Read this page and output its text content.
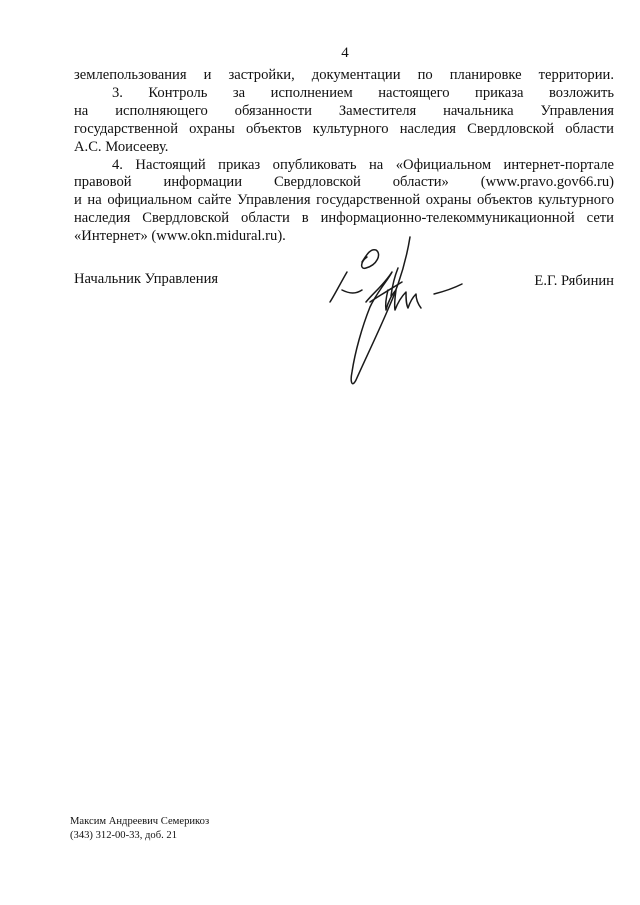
4
землепользования и застройки, документации по планировке территории.
3. Контроль за исполнением настоящего приказа возложить
на исполняющего обязанности Заместителя начальника Управления
государственной охраны объектов культурного наследия Свердловской области
А.С. Моисееву.
4. Настоящий приказ опубликовать на «Официальном интернет-портале
правовой информации Свердловской области» (www.pravo.gov66.ru)
и на официальном сайте Управления государственной охраны объектов культурного
наследия Свердловской области в информационно-телекоммуникационной сети
«Интернет» (www.okn.midural.ru).
Начальник Управления	Е.Г. Рябинин
Максим Андреевич Семерикоз
(343) 312-00-33, доб. 21
